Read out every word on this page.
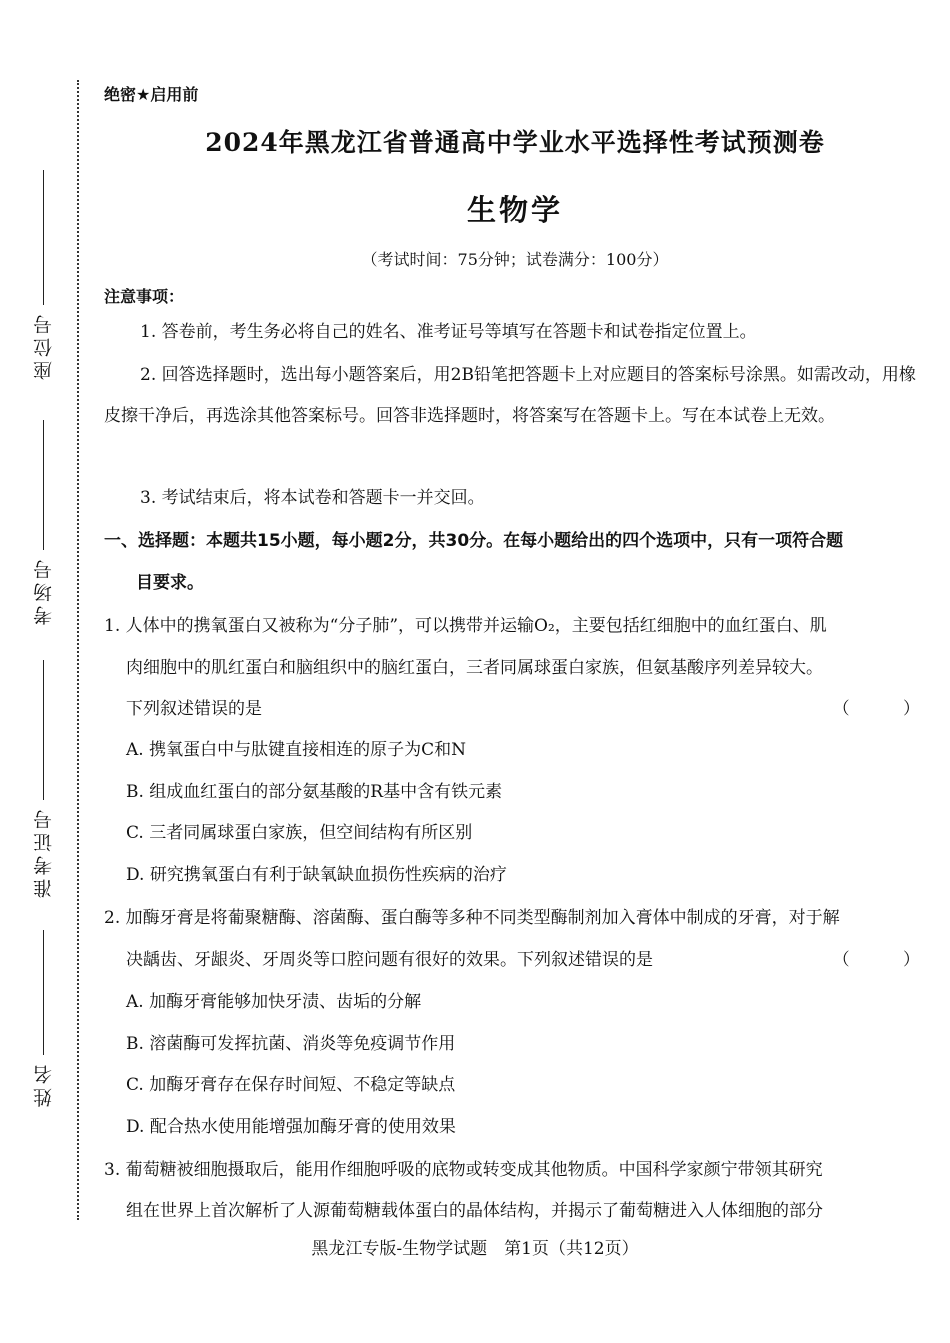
座位号
考场号
准考证号
姓名
绝密★启用前
2024年黑龙江省普通高中学业水平选择性考试预测卷
生物学
（考试时间：75分钟；试卷满分：100分）
注意事项：
1. 答卷前，考生务必将自己的姓名、准考证号等填写在答题卡和试卷指定位置上。
2. 回答选择题时，选出每小题答案后，用2B铅笔把答题卡上对应题目的答案标号涂黑。如需改动，用橡皮擦干净后，再选涂其他答案标号。回答非选择题时，将答案写在答题卡上。写在本试卷上无效。
3. 考试结束后，将本试卷和答题卡一并交回。
一、选择题：本题共15小题，每小题2分，共30分。在每小题给出的四个选项中，只有一项符合题
目要求。
1. 人体中的携氧蛋白又被称为“分子肺”，可以携带并运输O₂，主要包括红细胞中的血红蛋白、肌
肉细胞中的肌红蛋白和脑组织中的脑红蛋白，三者同属球蛋白家族，但氨基酸序列差异较大。
下列叙述错误的是	（ ）
A. 携氧蛋白中与肽键直接相连的原子为C和N
B. 组成血红蛋白的部分氨基酸的R基中含有铁元素
C. 三者同属球蛋白家族，但空间结构有所区别
D. 研究携氧蛋白有利于缺氧缺血损伤性疾病的治疗
2. 加酶牙膏是将葡聚糖酶、溶菌酶、蛋白酶等多种不同类型酶制剂加入膏体中制成的牙膏，对于解
决龋齿、牙龈炎、牙周炎等口腔问题有很好的效果。下列叙述错误的是	（ ）
A. 加酶牙膏能够加快牙渍、齿垢的分解
B. 溶菌酶可发挥抗菌、消炎等免疫调节作用
C. 加酶牙膏存在保存时间短、不稳定等缺点
D. 配合热水使用能增强加酶牙膏的使用效果
3. 葡萄糖被细胞摄取后，能用作细胞呼吸的底物或转变成其他物质。中国科学家颜宁带领其研究
组在世界上首次解析了人源葡萄糖载体蛋白的晶体结构，并揭示了葡萄糖进入人体细胞的部分
黑龙江专版-生物学试题　第1页（共12页）
